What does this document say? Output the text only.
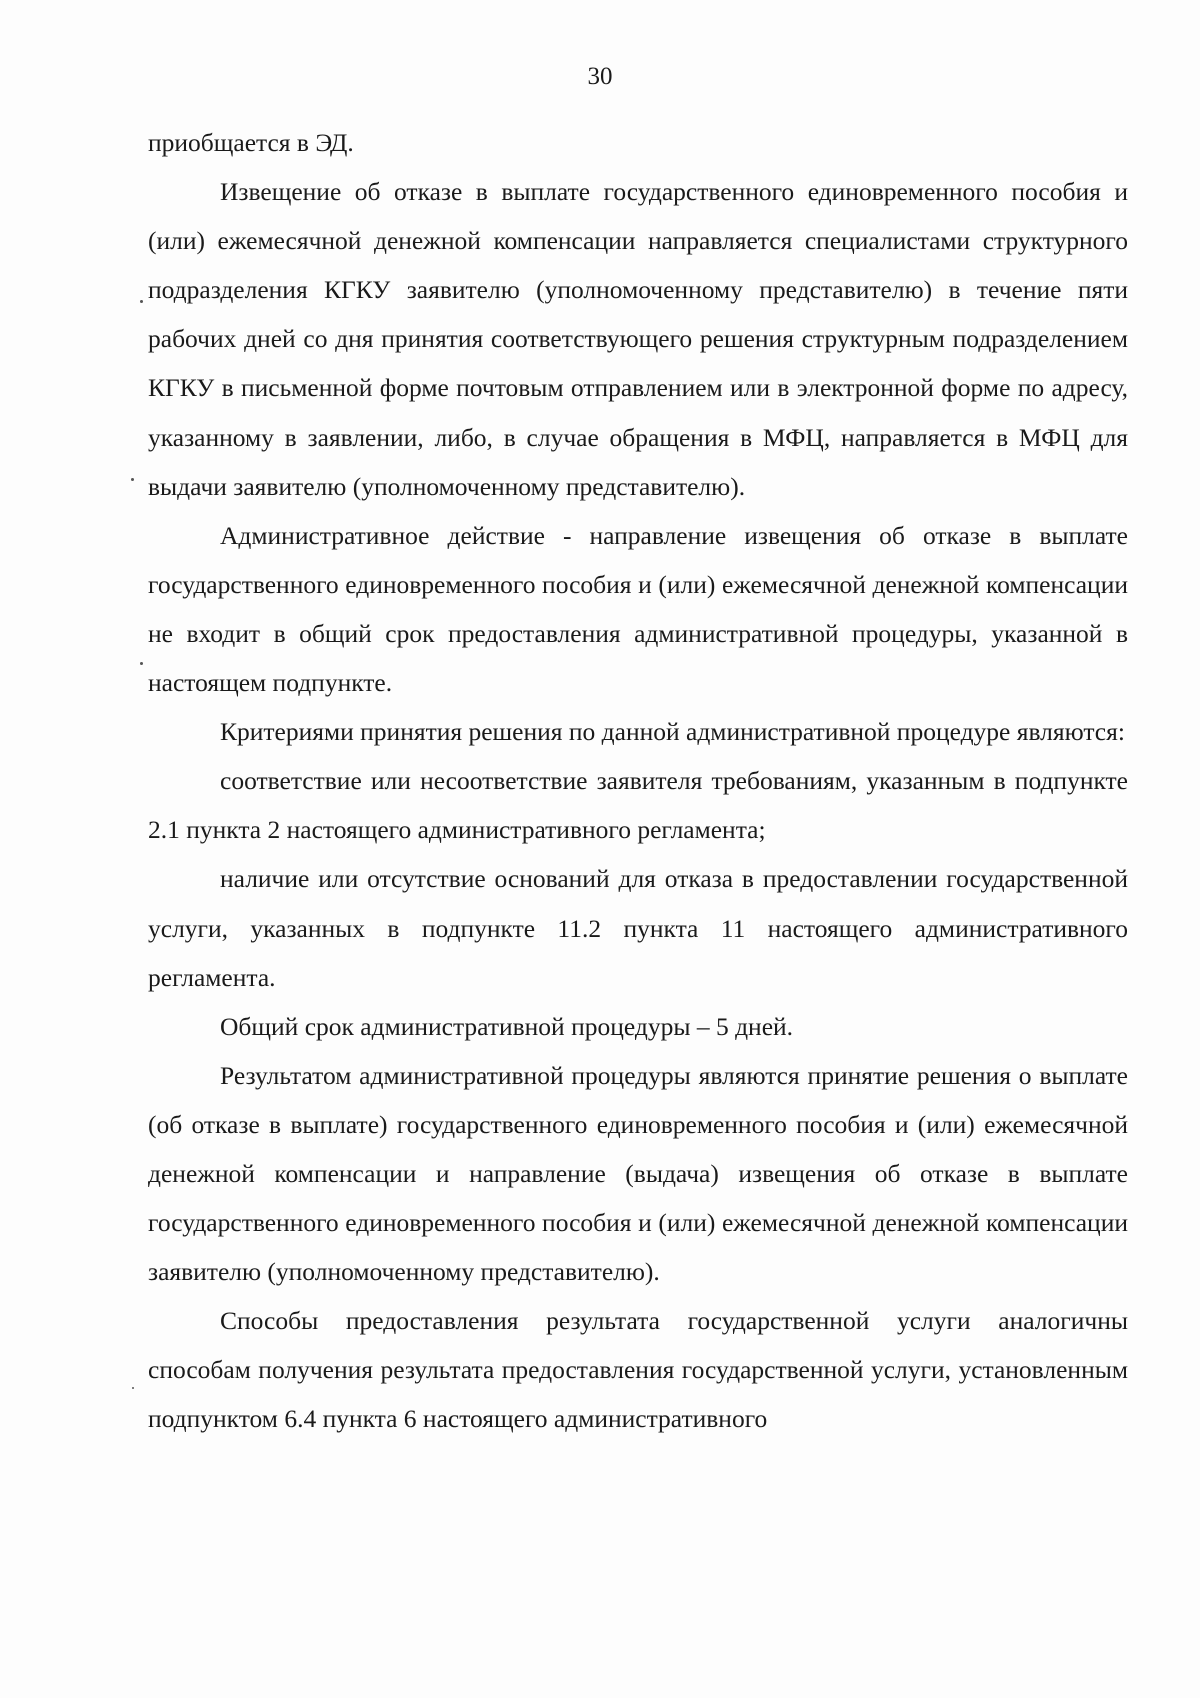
30

приобщается в ЭД.

Извещение об отказе в выплате государственного единовременного пособия и (или) ежемесячной денежной компенсации направляется специалистами структурного подразделения КГКУ заявителю (уполномоченному представителю) в течение пяти рабочих дней со дня принятия соответствующего решения структурным подразделением КГКУ в письменной форме почтовым отправлением или в электронной форме по адресу, указанному в заявлении, либо, в случае обращения в МФЦ, направляется в МФЦ для выдачи заявителю (уполномоченному представителю).

Административное действие - направление извещения об отказе в выплате государственного единовременного пособия и (или) ежемесячной денежной компенсации не входит в общий срок предоставления административной процедуры, указанной в настоящем подпункте.

Критериями принятия решения по данной административной процедуре являются:

соответствие или несоответствие заявителя требованиям, указанным в подпункте 2.1 пункта 2 настоящего административного регламента;

наличие или отсутствие оснований для отказа в предоставлении государственной услуги, указанных в подпункте 11.2 пункта 11 настоящего административного регламента.

Общий срок административной процедуры – 5 дней.

Результатом административной процедуры являются принятие решения о выплате (об отказе в выплате) государственного единовременного пособия и (или) ежемесячной денежной компенсации и направление (выдача) извещения об отказе в выплате государственного единовременного пособия и (или) ежемесячной денежной компенсации заявителю (уполномоченному представителю).

Способы предоставления результата государственной услуги аналогичны способам получения результата предоставления государственной услуги, установленным подпунктом 6.4 пункта 6 настоящего административного
